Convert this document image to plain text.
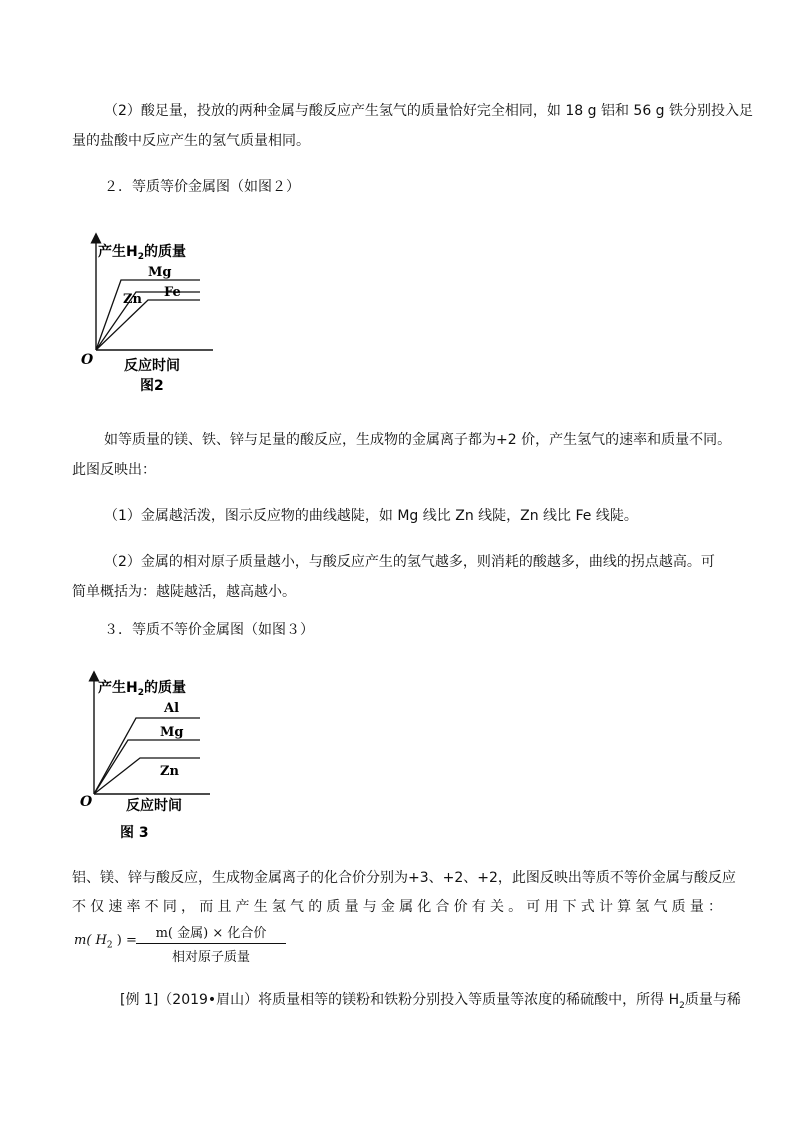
（2）酸足量，投放的两种金属与酸反应产生氢气的质量恰好完全相同，如 18 g 铝和 56 g 铁分别投入足
量的盐酸中反应产生的氢气质量相同。
２．等质等价金属图（如图２）
产生$H_2$的质量
Mg
Zn Fe
O 反应时间
图2
如等质量的镁、铁、锌与足量的酸反应，生成物的金属离子都为+2 价，产生氢气的速率和质量不同。
此图反映出：
（1）金属越活泼，图示反应物的曲线越陡，如 Mg 线比 Zn 线陡，Zn 线比 Fe 线陡。
（2）金属的相对原子质量越小，与酸反应产生的氢气越多，则消耗的酸越多，曲线的拐点越高。可
简单概括为：越陡越活，越高越小。
３．等质不等价金属图（如图３）
产生$H_2$的质量
Al
Mg
Zn
O 反应时间
图 3
铝、镁、锌与酸反应，生成物金属离子的化合价分别为+3、+2、+2，此图反映出等质不等价金属与酸反应
不仅速率不同，而且产生氢气的质量与金属化合价有关。可用下式计算氢气质量：
m( $H_2$ ) =	m( 金属) × 化合价
相对原子质量
[例 1]（2019•眉山）将质量相等的镁粉和铁粉分别投入等质量等浓度的稀硫酸中，所得 $H_2$质量与稀
